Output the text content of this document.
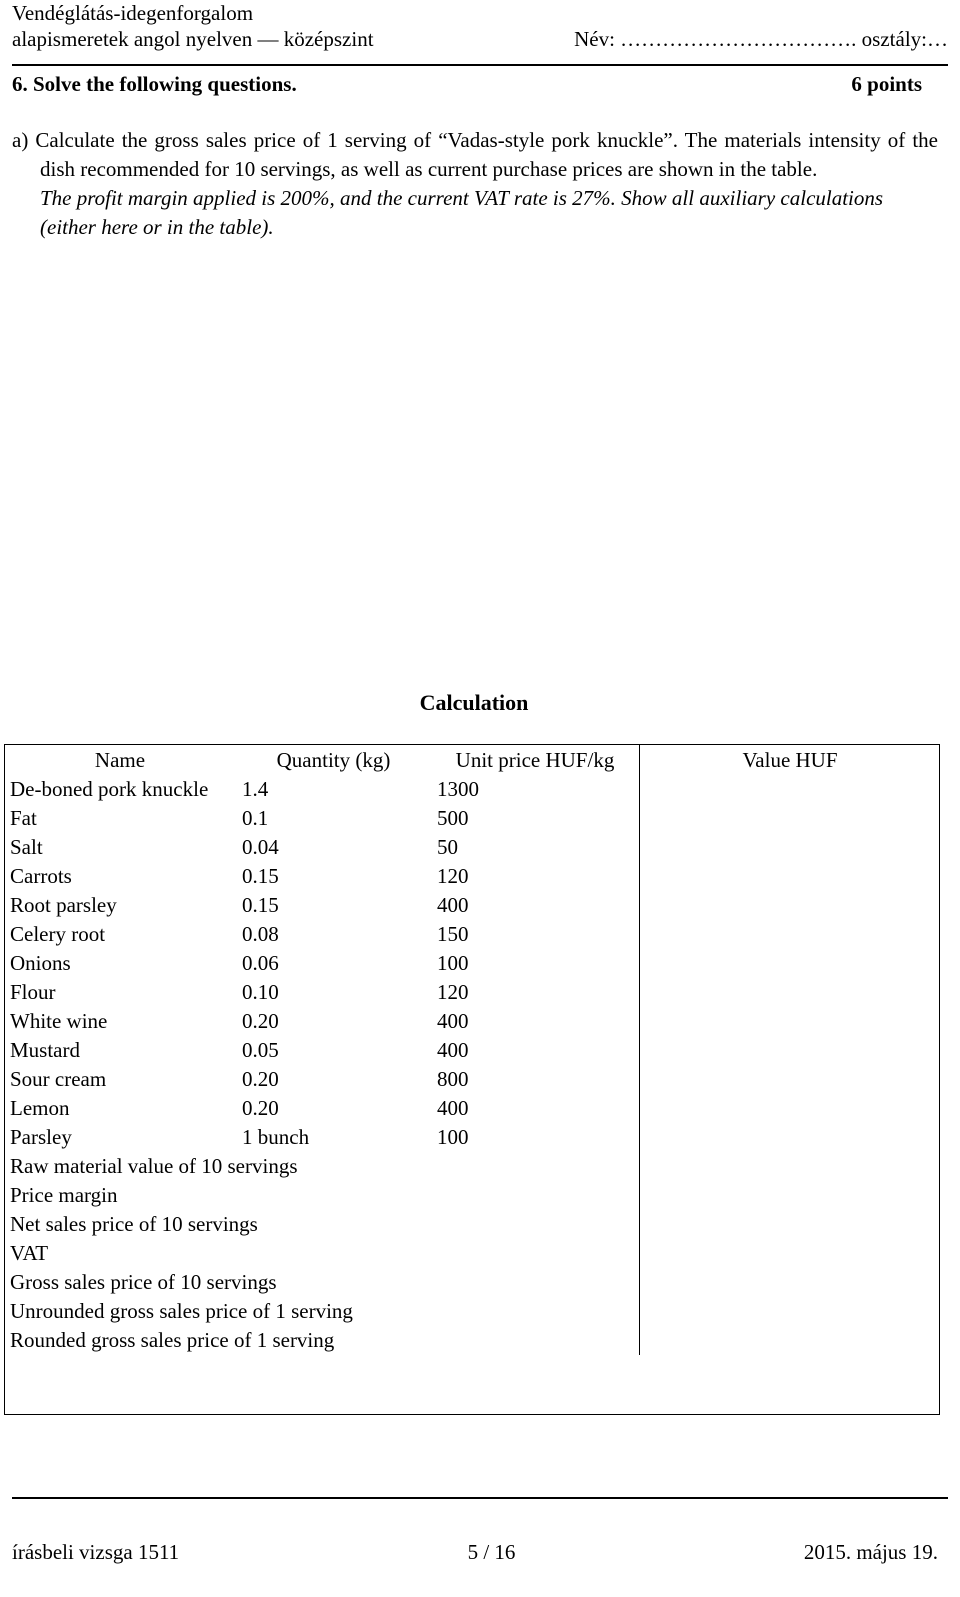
Vendéglátás-idegenforgalom
alapismeretek angol nyelven — középszint	Név: ……………………………. osztály:…
6. Solve the following questions.	6 points

a) Calculate the gross sales price of 1 serving of “Vadas-style pork knuckle”. The materials intensity of the dish recommended for 10 servings, as well as current purchase prices are shown in the table.

The profit margin applied is 200%, and the current VAT rate is 27%. Show all auxiliary calculations (either here or in the table).

Calculation
Name	Quantity (kg)	Unit price HUF/kg	Value HUF
De-boned pork knuckle	1.4	1300	
Fat	0.1	500	
Salt	0.04	50	
Carrots	0.15	120	
Root parsley	0.15	400	
Celery root	0.08	150	
Onions	0.06	100	
Flour	0.10	120	
White wine	0.20	400	
Mustard	0.05	400	
Sour cream	0.20	800	
Lemon	0.20	400	
Parsley	1 bunch	100	
Raw material value of 10 servings			
Price margin			
Net sales price of 10 servings			
VAT			
Gross sales price of 10 servings			
Unrounded gross sales price of 1 serving			
Rounded gross sales price of 1 serving			
írásbeli vizsga 1511	5 / 16	2015. május 19.
